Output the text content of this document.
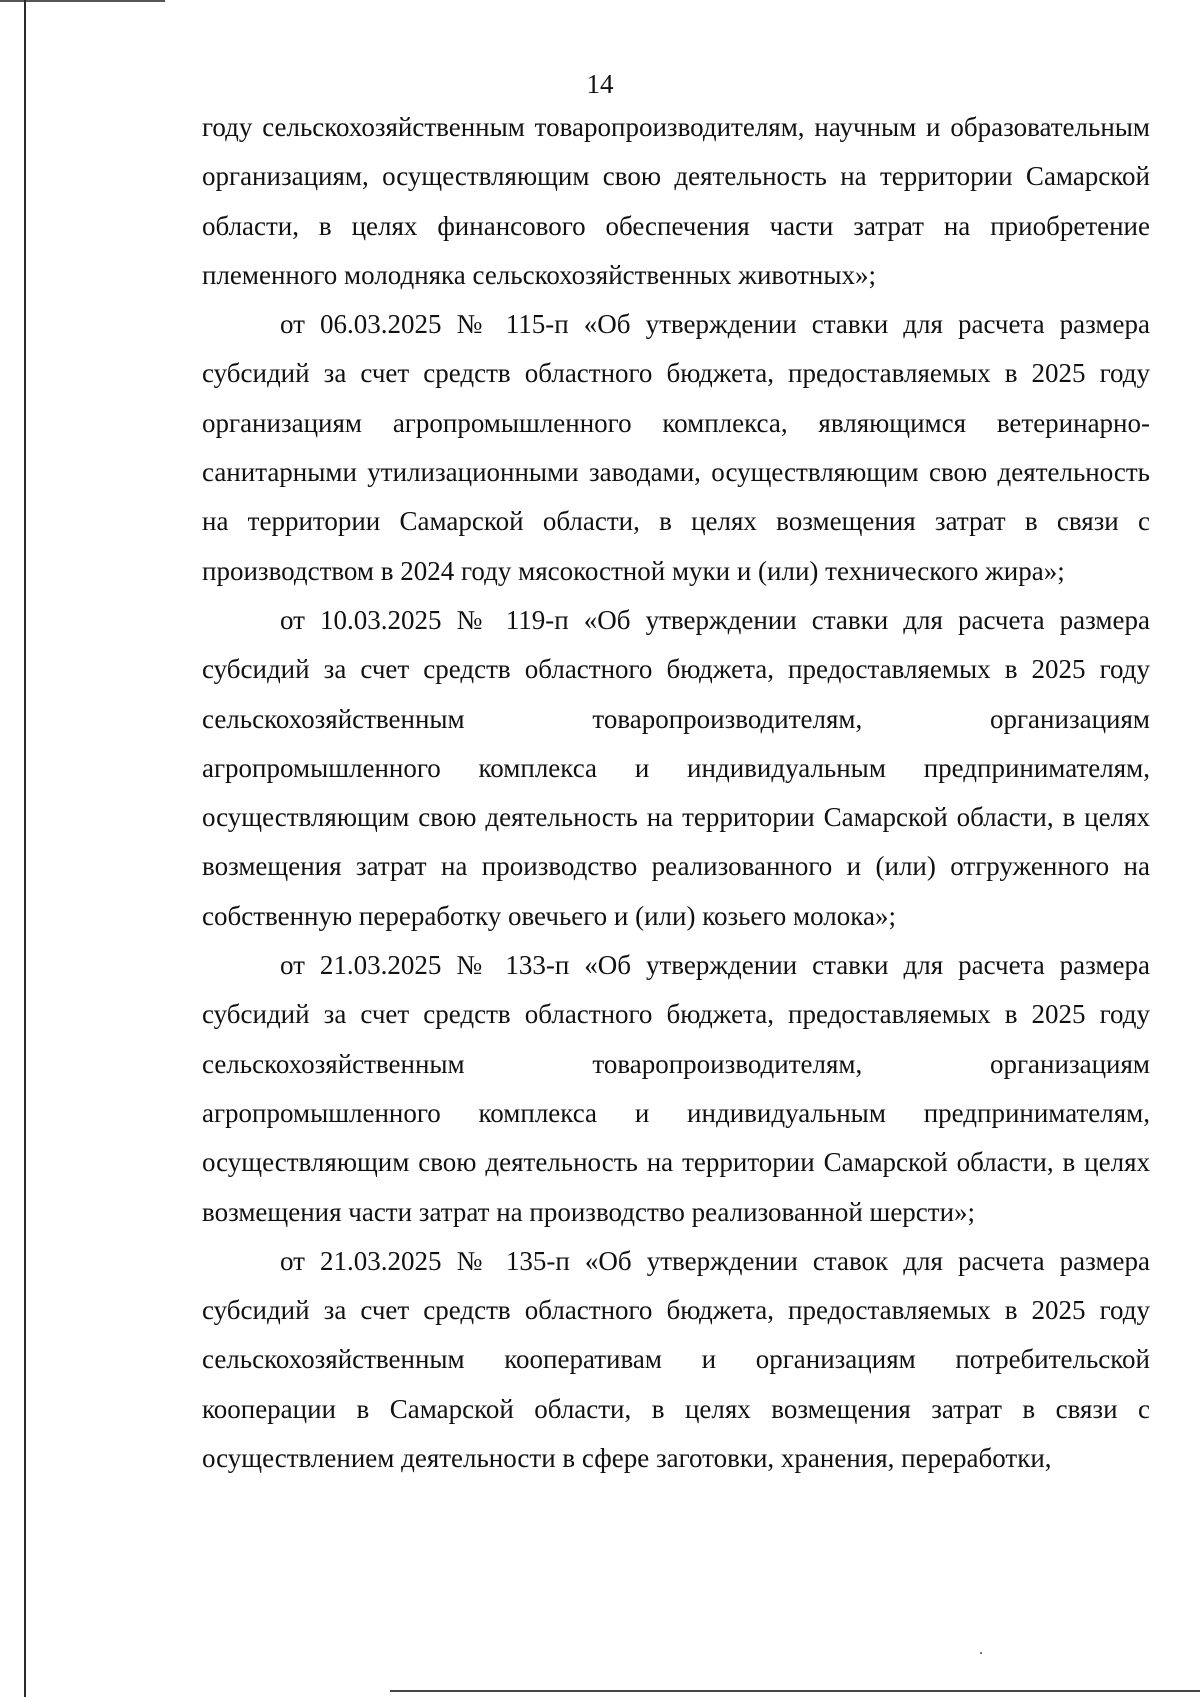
14

году сельскохозяйственным товаропроизводителям, научным и образовательным организациям, осуществляющим свою деятельность на территории Самарской области, в целях финансового обеспечения части затрат на приобретение племенного молодняка сельскохозяйственных животных»;

от 06.03.2025 № 115-п «Об утверждении ставки для расчета размера субсидий за счет средств областного бюджета, предоставляемых в 2025 году организациям агропромышленного комплекса, являющимся ветеринарно-санитарными утилизационными заводами, осуществляющим свою деятельность на территории Самарской области, в целях возмещения затрат в связи с производством в 2024 году мясокостной муки и (или) технического жира»;

от 10.03.2025 № 119-п «Об утверждении ставки для расчета размера субсидий за счет средств областного бюджета, предоставляемых в 2025 году сельскохозяйственным товаропроизводителям, организациям агропромышленного комплекса и индивидуальным предпринимателям, осуществляющим свою деятельность на территории Самарской области, в целях возмещения затрат на производство реализованного и (или) отгруженного на собственную переработку овечьего и (или) козьего молока»;

от 21.03.2025 № 133-п «Об утверждении ставки для расчета размера субсидий за счет средств областного бюджета, предоставляемых в 2025 году сельскохозяйственным товаропроизводителям, организациям агропромышленного комплекса и индивидуальным предпринимателям, осуществляющим свою деятельность на территории Самарской области, в целях возмещения части затрат на производство реализованной шерсти»;

от 21.03.2025 № 135-п «Об утверждении ставок для расчета размера субсидий за счет средств областного бюджета, предоставляемых в 2025 году сельскохозяйственным кооперативам и организациям потребительской кооперации в Самарской области, в целях возмещения затрат в связи с осуществлением деятельности в сфере заготовки, хранения, переработки,
